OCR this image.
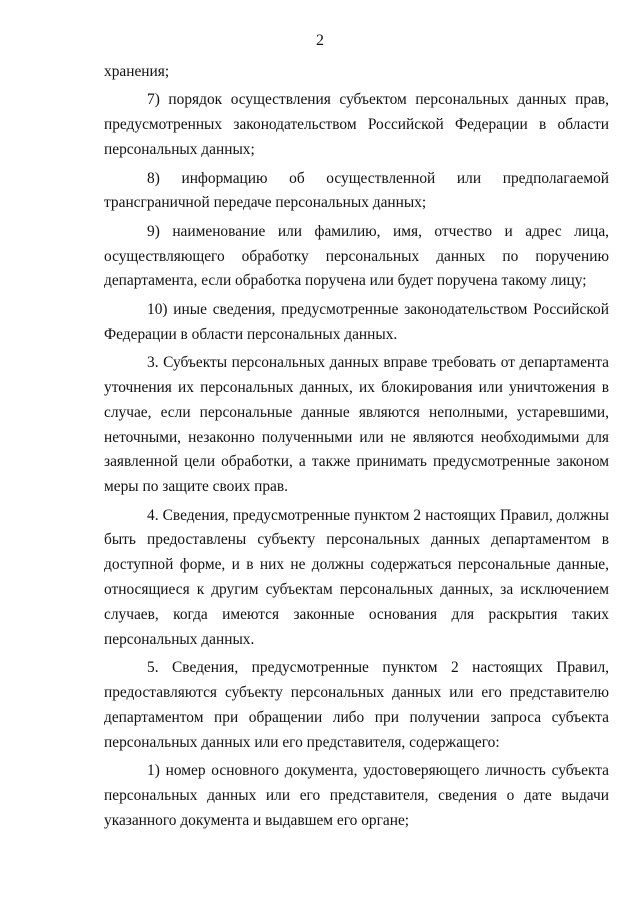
2

хранения;

7) порядок осуществления субъектом персональных данных прав, предусмотренных законодательством Российской Федерации в области персональных данных;

8) информацию об осуществленной или предполагаемой трансграничной передаче персональных данных;

9) наименование или фамилию, имя, отчество и адрес лица, осуществляющего обработку персональных данных по поручению департамента, если обработка поручена или будет поручена такому лицу;

10) иные сведения, предусмотренные законодательством Российской Федерации в области персональных данных.

3. Субъекты персональных данных вправе требовать от департамента уточнения их персональных данных, их блокирования или уничтожения в случае, если персональные данные являются неполными, устаревшими, неточными, незаконно полученными или не являются необходимыми для заявленной цели обработки, а также принимать предусмотренные законом меры по защите своих прав.

4. Сведения, предусмотренные пунктом 2 настоящих Правил, должны быть предоставлены субъекту персональных данных департаментом в доступной форме, и в них не должны содержаться персональные данные, относящиеся к другим субъектам персональных данных, за исключением случаев, когда имеются законные основания для раскрытия таких персональных данных.

5. Сведения, предусмотренные пунктом 2 настоящих Правил, предоставляются субъекту персональных данных или его представителю департаментом при обращении либо при получении запроса субъекта персональных данных или его представителя, содержащего:

1) номер основного документа, удостоверяющего личность субъекта персональных данных или его представителя, сведения о дате выдачи указанного документа и выдавшем его органе;
